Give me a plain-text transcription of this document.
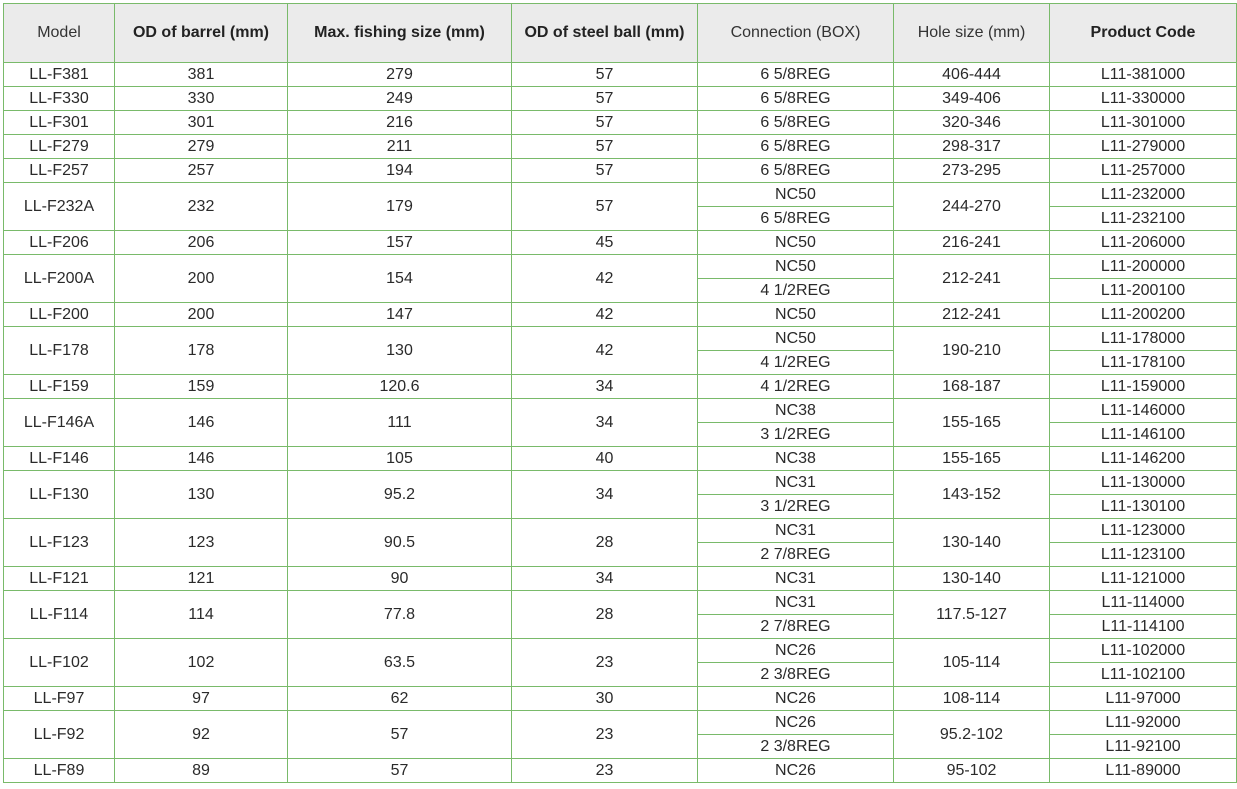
Model	OD of barrel (mm)	Max. fishing size (mm)	OD of steel ball (mm)	Connection (BOX)	Hole size (mm)	Product Code
LL-F381	381	279	57	6 5/8REG	406-444	L11-381000
LL-F330	330	249	57	6 5/8REG	349-406	L11-330000
LL-F301	301	216	57	6 5/8REG	320-346	L11-301000
LL-F279	279	211	57	6 5/8REG	298-317	L11-279000
LL-F257	257	194	57	6 5/8REG	273-295	L11-257000
LL-F232A	232	179	57	NC50	244-270	L11-232000
				6 5/8REG		L11-232100
LL-F206	206	157	45	NC50	216-241	L11-206000
LL-F200A	200	154	42	NC50	212-241	L11-200000
				4 1/2REG		L11-200100
LL-F200	200	147	42	NC50	212-241	L11-200200
LL-F178	178	130	42	NC50	190-210	L11-178000
				4 1/2REG		L11-178100
LL-F159	159	120.6	34	4 1/2REG	168-187	L11-159000
LL-F146A	146	111	34	NC38	155-165	L11-146000
				3 1/2REG		L11-146100
LL-F146	146	105	40	NC38	155-165	L11-146200
LL-F130	130	95.2	34	NC31	143-152	L11-130000
				3 1/2REG		L11-130100
LL-F123	123	90.5	28	NC31	130-140	L11-123000
				2 7/8REG		L11-123100
LL-F121	121	90	34	NC31	130-140	L11-121000
LL-F114	114	77.8	28	NC31	117.5-127	L11-114000
				2 7/8REG		L11-114100
LL-F102	102	63.5	23	NC26	105-114	L11-102000
				2 3/8REG		L11-102100
LL-F97	97	62	30	NC26	108-114	L11-97000
LL-F92	92	57	23	NC26	95.2-102	L11-92000
				2 3/8REG		L11-92100
LL-F89	89	57	23	NC26	95-102	L11-89000
